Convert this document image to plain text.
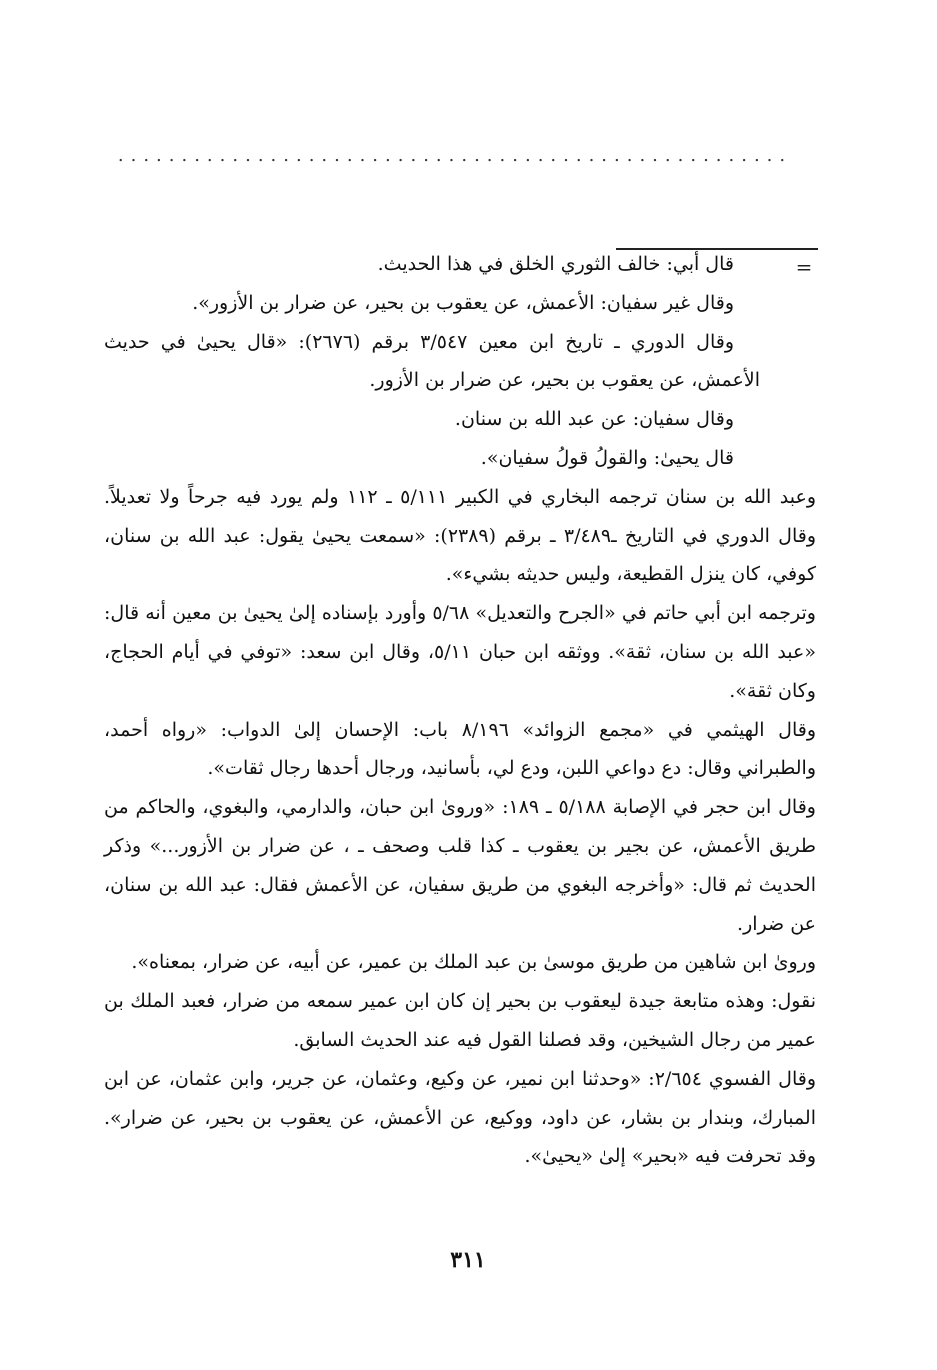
.....................................................
=

قال أبي: خالف الثوري الخلق في هذا الحديث.

وقال غير سفيان: الأعمش، عن يعقوب بن بحير، عن ضرار بن الأزور».

وقال الدوري ـ تاريخ ابن معين ٣/٥٤٧ برقم (٢٦٧٦): «قال يحيىٰ في حديث الأعمش، عن يعقوب بن بحير، عن ضرار بن الأزور.

وقال سفيان: عن عبد الله بن سنان.

قال يحيىٰ: والقولُ قولُ سفيان».

وعبد الله بن سنان ترجمه البخاري في الكبير ٥/١١١ ـ ١١٢ ولم يورد فيه جرحاً ولا تعديلاً. وقال الدوري في التاريخ ـ٣/٤٨٩ ـ برقم (٢٣٨٩): «سمعت يحيىٰ يقول: عبد الله بن سنان، كوفي، كان ينزل القطيعة، وليس حديثه بشيء».

وترجمه ابن أبي حاتم في «الجرح والتعديل» ٥/٦٨ وأورد بإسناده إلىٰ يحيىٰ بن معين أنه قال: «عبد الله بن سنان، ثقة». ووثقه ابن حبان ٥/١١، وقال ابن سعد: «توفي في أيام الحجاج، وكان ثقة».

وقال الهيثمي في «مجمع الزوائد» ٨/١٩٦ باب: الإحسان إلىٰ الدواب: «رواه أحمد، والطبراني وقال: دع دواعي اللبن، ودع لي، بأسانيد، ورجال أحدها رجال ثقات».

وقال ابن حجر في الإصابة ٥/١٨٨ ـ ١٨٩: «وروىٰ ابن حبان، والدارمي، والبغوي، والحاكم من طريق الأعمش، عن بجير بن يعقوب ـ كذا قلب وصحف ـ ، عن ضرار بن الأزور...» وذكر الحديث ثم قال: «وأخرجه البغوي من طريق سفيان، عن الأعمش فقال: عبد الله بن سنان، عن ضرار.

وروىٰ ابن شاهين من طريق موسىٰ بن عبد الملك بن عمير، عن أبيه، عن ضرار، بمعناه».

نقول: وهذه متابعة جيدة ليعقوب بن بحير إن كان ابن عمير سمعه من ضرار، فعبد الملك بن عمير من رجال الشيخين، وقد فصلنا القول فيه عند الحديث السابق.

وقال الفسوي ٢/٦٥٤: «وحدثنا ابن نمير، عن وكيع، وعثمان، عن جرير، وابن عثمان، عن ابن المبارك، وبندار بن بشار، عن داود، ووكيع، عن الأعمش، عن يعقوب بن بحير، عن ضرار». وقد تحرفت فيه «بحير» إلىٰ «يحيىٰ».

٣١١
